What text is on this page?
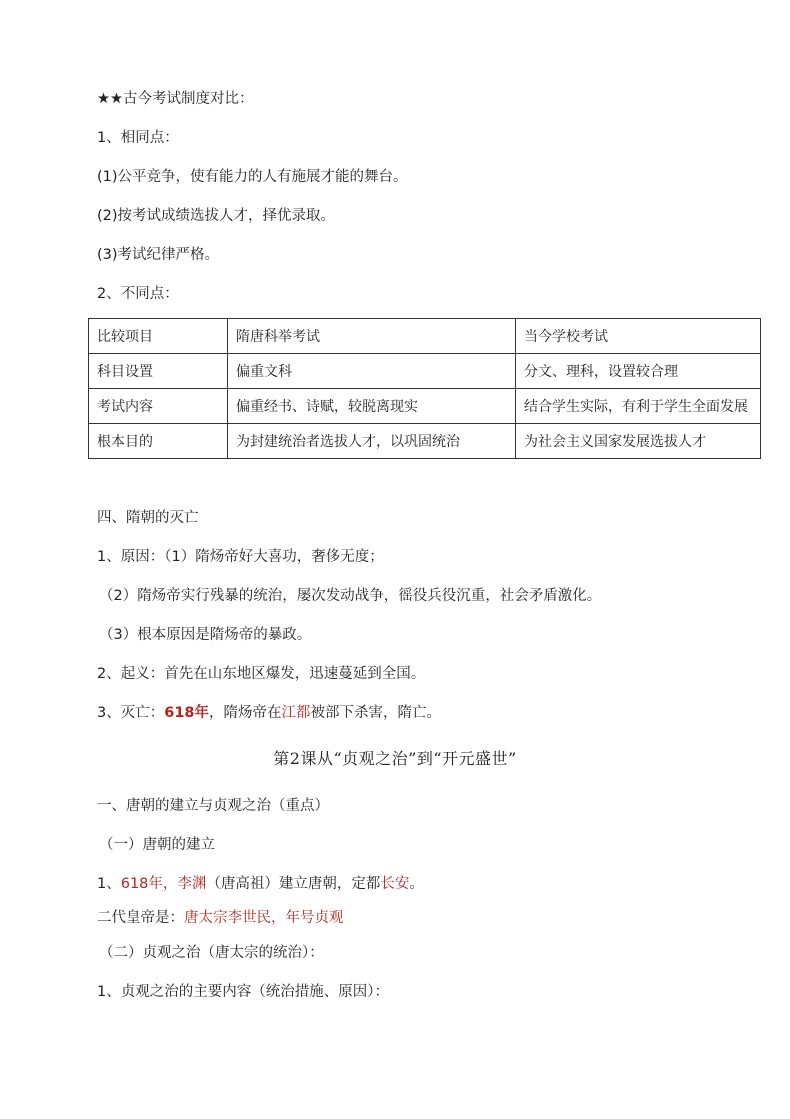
★★古今考试制度对比：
1、相同点：
(1)公平竞争，使有能力的人有施展才能的舞台。
(2)按考试成绩选拔人才，择优录取。
(3)考试纪律严格。
2、不同点：
比较项目	隋唐科举考试	当今学校考试
科目设置	偏重文科	分文、理科，设置较合理
考试内容	偏重经书、诗赋，较脱离现实	结合学生实际，有利于学生全面发展
根本目的	为封建统治者选拔人才，以巩固统治	为社会主义国家发展选拔人才
四、隋朝的灭亡
1、原因：（1）隋炀帝好大喜功，奢侈无度；
（2）隋炀帝实行残暴的统治，屡次发动战争，徭役兵役沉重，社会矛盾激化。
（3）根本原因是隋炀帝的暴政。
2、起义：首先在山东地区爆发，迅速蔓延到全国。
3、灭亡：618年，隋炀帝在江都被部下杀害，隋亡。
第2课从“贞观之治”到“开元盛世”
一、唐朝的建立与贞观之治（重点）
（一）唐朝的建立
1、618年，李渊（唐高祖）建立唐朝，定都长安。
二代皇帝是：唐太宗李世民，年号贞观
（二）贞观之治（唐太宗的统治）：
1、贞观之治的主要内容（统治措施、原因）：
